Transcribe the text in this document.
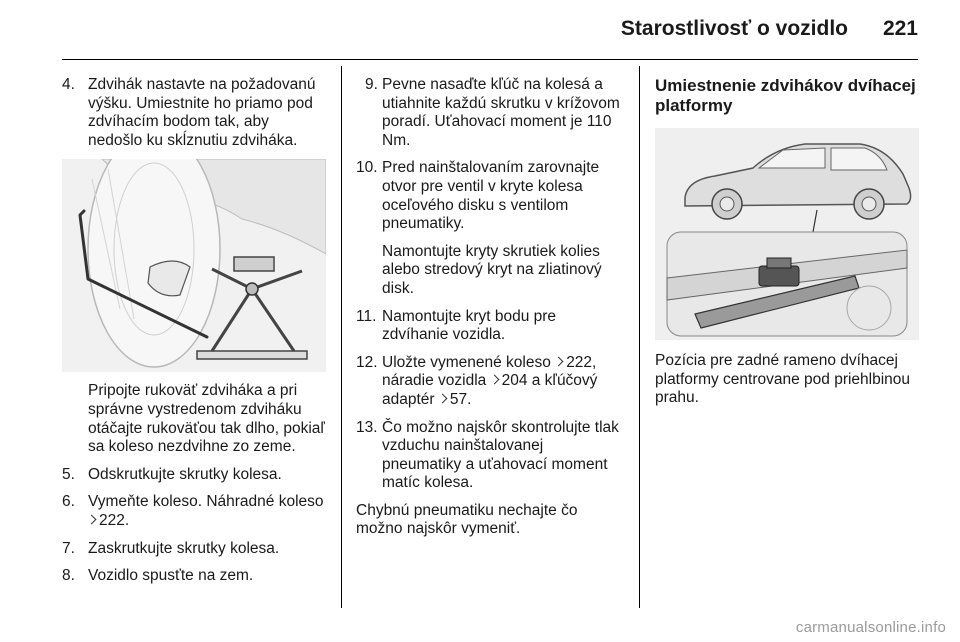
Starostlivosť o vozidlo 221
4. Zdvihák nastavte na požadovanú výšku. Umiestnite ho priamo pod zdvíhacím bodom tak, aby nedošlo ku skĺznutiu zdviháka.

Pripojte rukoväť zdviháka a pri správne vystredenom zdviháku otáčajte rukoväťou tak dlho, pokiaľ sa koleso nezdvihne zo zeme.

5. Odskrutkujte skrutky kolesa.
6. Vymeňte koleso. Náhradné koleso 222.
7. Zaskrutkujte skrutky kolesa.
8. Vozidlo spusťte na zem.
9. Pevne nasaďte kľúč na kolesá a utiahnite každú skrutku v krížovom poradí. Uťahovací moment je 110 Nm.
10. Pred nainštalovaním zarovnajte otvor pre ventil v kryte kolesa oceľového disku s ventilom pneumatiky.

Namontujte kryty skrutiek kolies alebo stredový kryt na zliatinový disk.

11. Namontujte kryt bodu pre zdvíhanie vozidla.
12. Uložte vymenené koleso 222, náradie vozidla 204 a kľúčový adaptér 57.
13. Čo možno najskôr skontrolujte tlak vzduchu nainštalovanej pneumatiky a uťahovací moment matíc kolesa.

Chybnú pneumatiku nechajte čo možno najskôr vymeniť.

Umiestnenie zdvihákov dvíhacej platformy

Pozícia pre zadné rameno dvíhacej platformy centrovane pod priehlbinou prahu.

carmanualsonline.info
